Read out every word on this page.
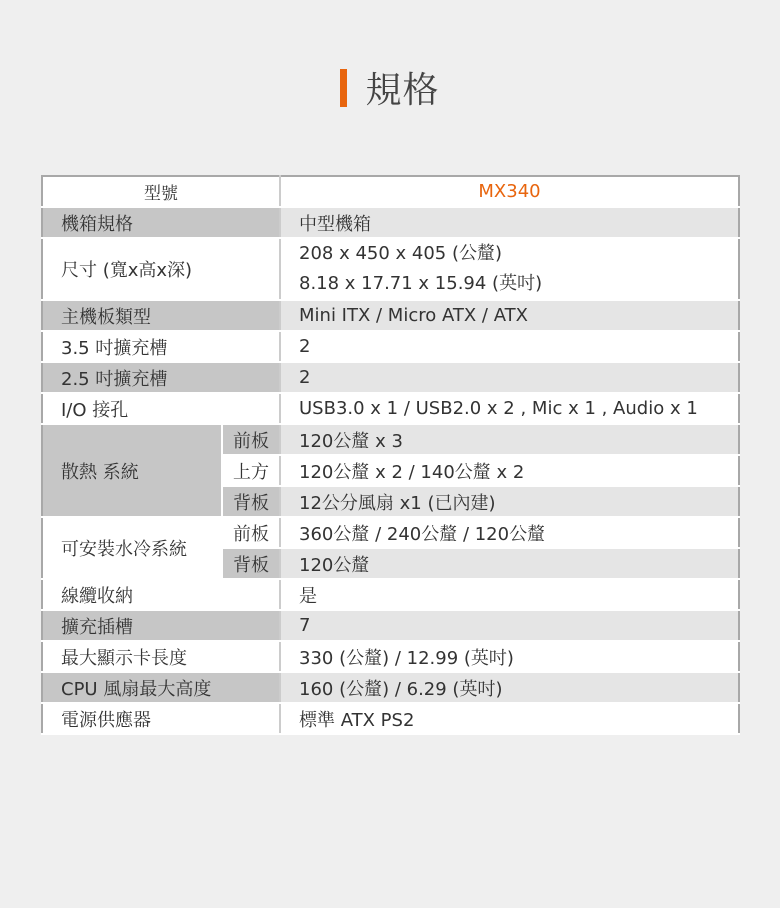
規格
型號		MX340
機箱規格		中型機箱
尺寸 (寬x高x深)		208 x 450 x 405 (公釐)
8.18 x 17.71 x 15.94 (英吋)

主機板類型		Mini ITX / Micro ATX / ATX
3.5 吋擴充槽		2
2.5 吋擴充槽		2
I/O 接孔		USB3.0 x 1 / USB2.0 x 2 , Mic x 1 , Audio x 1
散熱 系統	前板	120公釐 x 3
	上方	120公釐 x 2 / 140公釐 x 2
	背板	12公分風扇 x1 (已內建)
可安裝水冷系統	前板	360公釐 / 240公釐 / 120公釐
	背板	120公釐
線纜收納		是
擴充插槽		7
最大顯示卡長度		330 (公釐) / 12.99 (英吋)
CPU 風扇最大高度		160 (公釐) / 6.29 (英吋)
電源供應器		標準 ATX PS2
